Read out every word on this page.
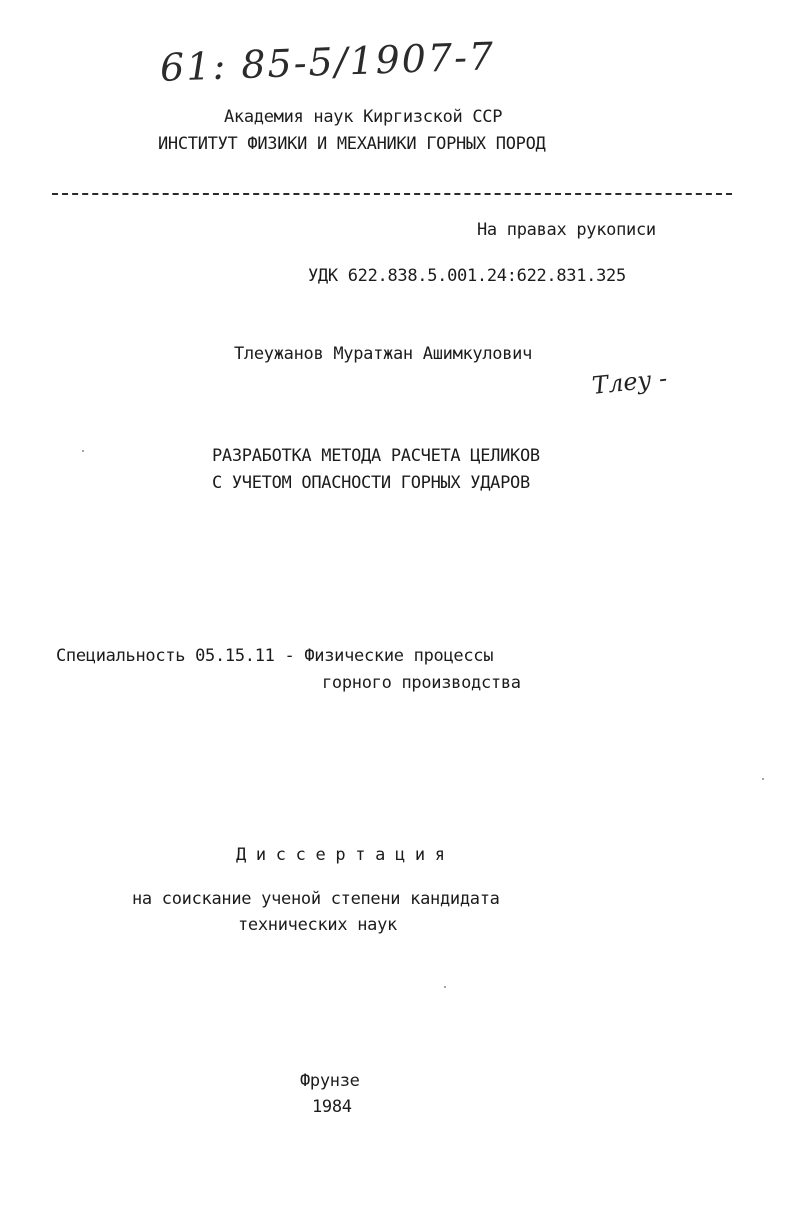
61: 85-5/1907-7
Академия наук Киргизской ССР
ИНСТИТУТ ФИЗИКИ И МЕХАНИКИ ГОРНЫХ ПОРОД
На правах рукописи
УДК 622.838.5.001.24:622.831.325
Тлеужанов Муратжан Ашимкулович
Тлеу -
РАЗРАБОТКА МЕТОДА РАСЧЕТА ЦЕЛИКОВ
С УЧЕТОМ ОПАСНОСТИ ГОРНЫХ УДАРОВ
Специальность 05.15.11 - Физические процессы
горного производства
Д и с с е р т а ц и я
на соискание ученой степени кандидата
технических наук
Фрунзе
1984
